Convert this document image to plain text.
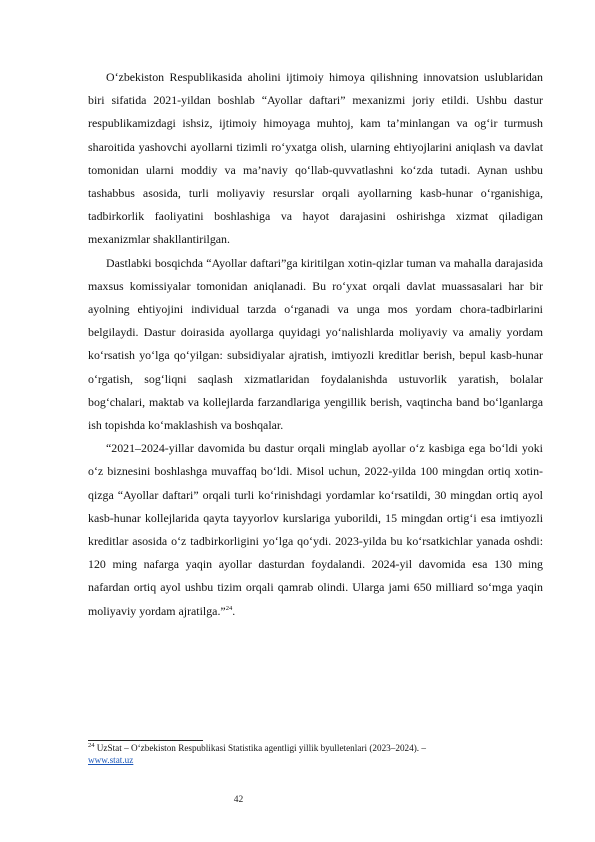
O‘zbekiston Respublikasida aholini ijtimoiy himoya qilishning innovatsion uslublaridan biri sifatida 2021-yildan boshlab “Ayollar daftari” mexanizmi joriy etildi. Ushbu dastur respublikamizdagi ishsiz, ijtimoiy himoyaga muhtoj, kam ta’minlangan va og‘ir turmush sharoitida yashovchi ayollarni tizimli ro‘yxatga olish, ularning ehtiyojlarini aniqlash va davlat tomonidan ularni moddiy va ma’naviy qo‘llab-quvvatlashni ko‘zda tutadi. Aynan ushbu tashabbus asosida, turli moliyaviy resurslar orqali ayollarning kasb-hunar o‘rganishiga, tadbirkorlik faoliyatini boshlashiga va hayot darajasini oshirishga xizmat qiladigan mexanizmlar shakllantirilgan.

Dastlabki bosqichda “Ayollar daftari”ga kiritilgan xotin-qizlar tuman va mahalla darajasida maxsus komissiyalar tomonidan aniqlanadi. Bu ro‘yxat orqali davlat muassasalari har bir ayolning ehtiyojini individual tarzda o‘rganadi va unga mos yordam chora-tadbirlarini belgilaydi. Dastur doirasida ayollarga quyidagi yo‘nalishlarda moliyaviy va amaliy yordam ko‘rsatish yo‘lga qo‘yilgan: subsidiyalar ajratish, imtiyozli kreditlar berish, bepul kasb-hunar o‘rgatish, sog‘liqni saqlash xizmatlaridan foydalanishda ustuvorlik yaratish, bolalar bog‘chalari, maktab va kollejlarda farzandlariga yengillik berish, vaqtincha band bo‘lganlarga ish topishda ko‘maklashish va boshqalar.

“2021–2024-yillar davomida bu dastur orqali minglab ayollar o‘z kasbiga ega bo‘ldi yoki o‘z biznesini boshlashga muvaffaq bo‘ldi. Misol uchun, 2022-yilda 100 mingdan ortiq xotin-qizga “Ayollar daftari” orqali turli ko‘rinishdagi yordamlar ko‘rsatildi, 30 mingdan ortiq ayol kasb-hunar kollejlarida qayta tayyorlov kurslariga yuborildi, 15 mingdan ortig‘i esa imtiyozli kreditlar asosida o‘z tadbirkorligini yo‘lga qo‘ydi. 2023-yilda bu ko‘rsatkichlar yanada oshdi: 120 ming nafarga yaqin ayollar dasturdan foydalandi. 2024-yil davomida esa 130 ming nafardan ortiq ayol ushbu tizim orqali qamrab olindi. Ularga jami 650 milliard so‘mga yaqin moliyaviy yordam ajratilga.”$^{24}$.

$^{24}$ UzStat – O‘zbekiston Respublikasi Statistika agentligi yillik byulletenlari (2023–2024). –
www.stat.uz
42
